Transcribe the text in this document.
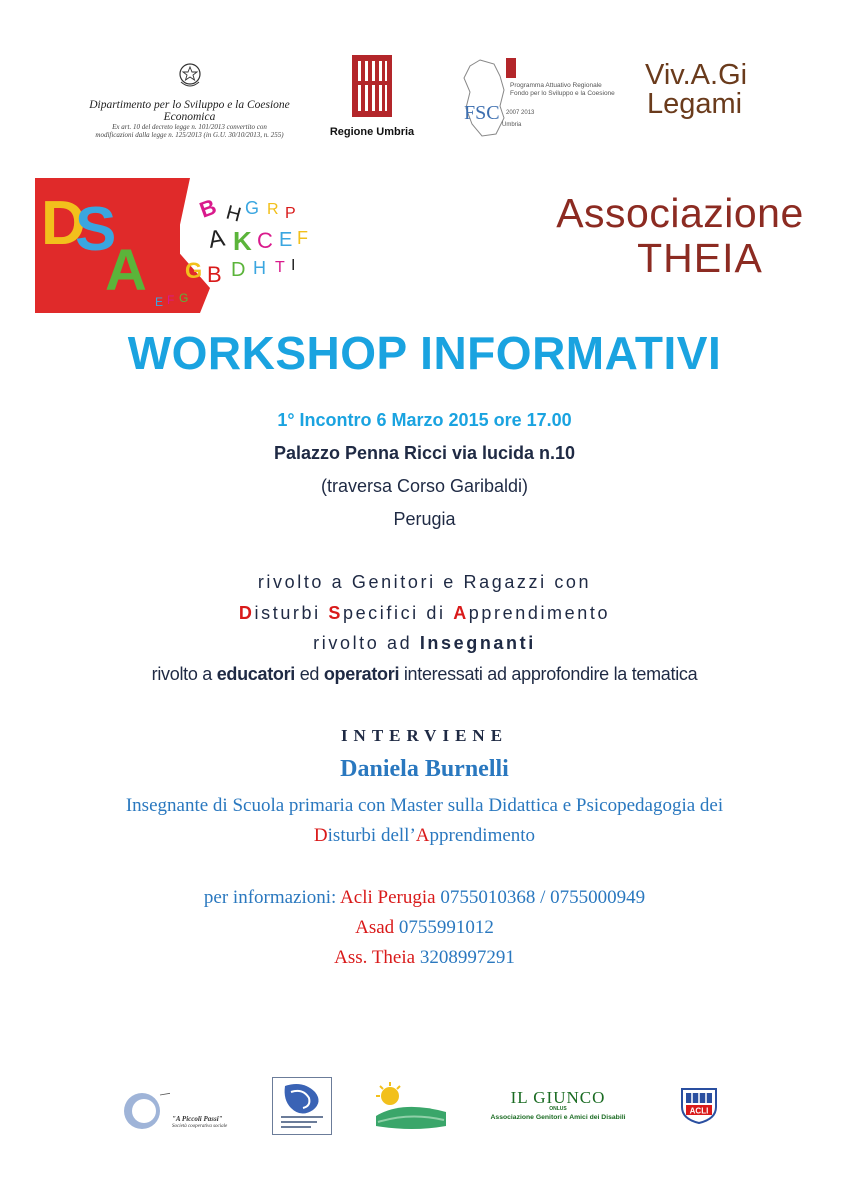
Dipartimento per lo Sviluppo e la Coesione Economica
Ex art. 10 del decreto legge n. 101/2013 convertito con
modificazioni dalla legge n. 125/2013 (in G.U. 30/10/2013, n. 255)	Regione Umbria
Programma Attuativo Regionale
Fondo per lo Sviluppo e la Coesione
FSC 2007 2013
Umbria
Viv.A.Gi
Legami
D
S
A
B H G R P
A K C E F
G B D H T I
E F G
Associazione
THEIA
WORKSHOP INFORMATIVI
1° Incontro 6 Marzo 2015 ore 17.00
Palazzo Penna Ricci via lucida n.10
(traversa Corso Garibaldi)
Perugia
rivolto a Genitori e Ragazzi con
Disturbi Specifici di Apprendimento
rivolto ad Insegnanti
rivolto a educatori ed operatori interessati ad approfondire la tematica
INTERVIENE
Daniela Burnelli
Insegnante di Scuola primaria con Master sulla Didattica e Psicopedagogia dei
Disturbi dell’Apprendimento
per informazioni: Acli Perugia 0755010368 / 0755000949
Asad 0755991012
Ass. Theia 3208997291
"A Piccoli Passi"
Società cooperativa sociale
IL GIUNCO
ONLUS
Associazione Genitori e Amici dei Disabili
ACLI
